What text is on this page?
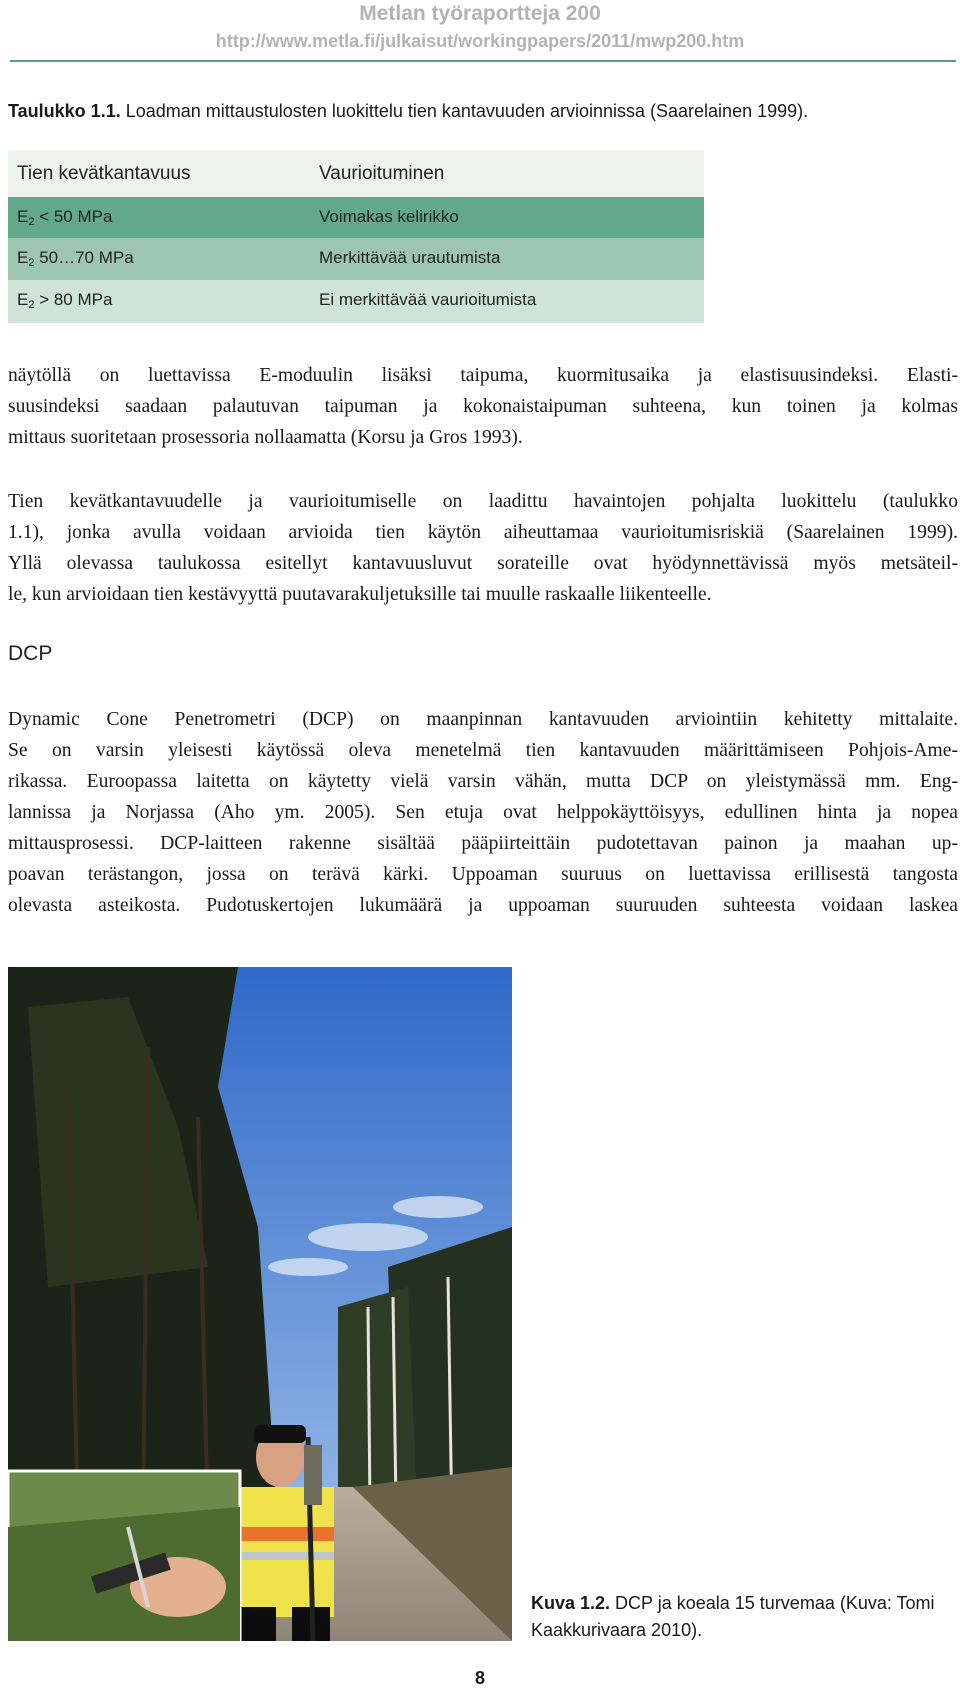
Metlan työraportteja 200
http://www.metla.fi/julkaisut/workingpapers/2011/mwp200.htm
Taulukko 1.1. Loadman mittaustulosten luokittelu tien kantavuuden arvioinnissa (Saarelainen 1999).
Tien kevätkantavuus	Vaurioituminen
$E_2 < 50$ MPa	Voimakas kelirikko
$E_2$ 50…70 MPa	Merkittävää urautumista
$E_2 > 80$ MPa	Ei merkittävää vaurioitumista
näytöllä on luettavissa E-moduulin lisäksi taipuma, kuormitusaika ja elastisuusindeksi. Elasti-
suusindeksi saadaan palautuvan taipuman ja kokonaistaipuman suhteena, kun toinen ja kolmas
mittaus suoritetaan prosessoria nollaamatta (Korsu ja Gros 1993).
Tien kevätkantavuudelle ja vaurioitumiselle on laadittu havaintojen pohjalta luokittelu (taulukko
1.1), jonka avulla voidaan arvioida tien käytön aiheuttamaa vaurioitumisriskiä (Saarelainen 1999).
Yllä olevassa taulukossa esitellyt kantavuusluvut sorateille ovat hyödynnettävissä myös metsäteil-
le, kun arvioidaan tien kestävyyttä puutavarakuljetuksille tai muulle raskaalle liikenteelle.
DCP
Dynamic Cone Penetrometri (DCP) on maanpinnan kantavuuden arviointiin kehitetty mittalaite.
Se on varsin yleisesti käytössä oleva menetelmä tien kantavuuden määrittämiseen Pohjois-Ame-
rikassa. Euroopassa laitetta on käytetty vielä varsin vähän, mutta DCP on yleistymässä mm. Eng-
lannissa ja Norjassa (Aho ym. 2005). Sen etuja ovat helppokäyttöisyys, edullinen hinta ja nopea
mittausprosessi. DCP-laitteen rakenne sisältää pääpiirteittäin pudotettavan painon ja maahan up-
poavan terästangon, jossa on terävä kärki. Uppoaman suuruus on luettavissa erillisestä tangosta
olevasta asteikosta. Pudotuskertojen lukumäärä ja uppoaman suuruuden suhteesta voidaan laskea
Kuva 1.2. DCP ja koeala 15 turvemaa (Kuva: Tomi Kaakkurivaara 2010).
8
